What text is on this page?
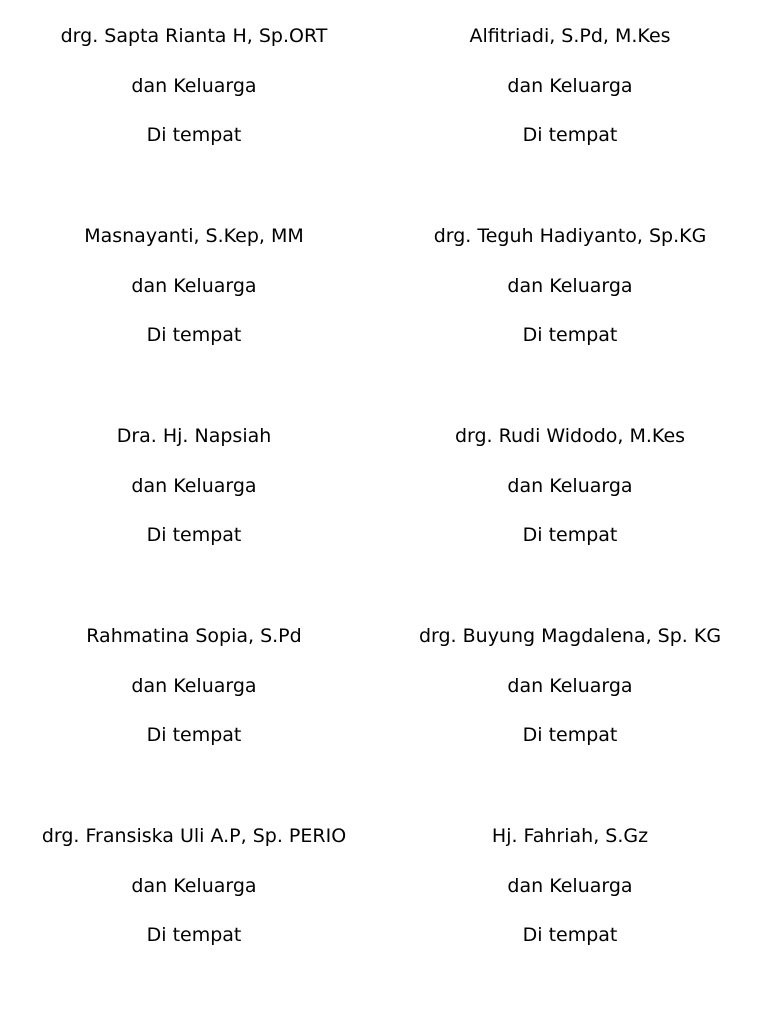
drg. Sapta Rianta H, Sp.ORT
dan Keluarga
Di tempat
Alfitriadi, S.Pd, M.Kes
dan Keluarga
Di tempat
Masnayanti, S.Kep, MM
dan Keluarga
Di tempat
drg. Teguh Hadiyanto, Sp.KG
dan Keluarga
Di tempat
Dra. Hj. Napsiah
dan Keluarga
Di tempat
drg. Rudi Widodo, M.Kes
dan Keluarga
Di tempat
Rahmatina Sopia, S.Pd
dan Keluarga
Di tempat
drg. Buyung Magdalena, Sp. KG
dan Keluarga
Di tempat
drg. Fransiska Uli A.P, Sp. PERIO
dan Keluarga
Di tempat
Hj. Fahriah, S.Gz
dan Keluarga
Di tempat
